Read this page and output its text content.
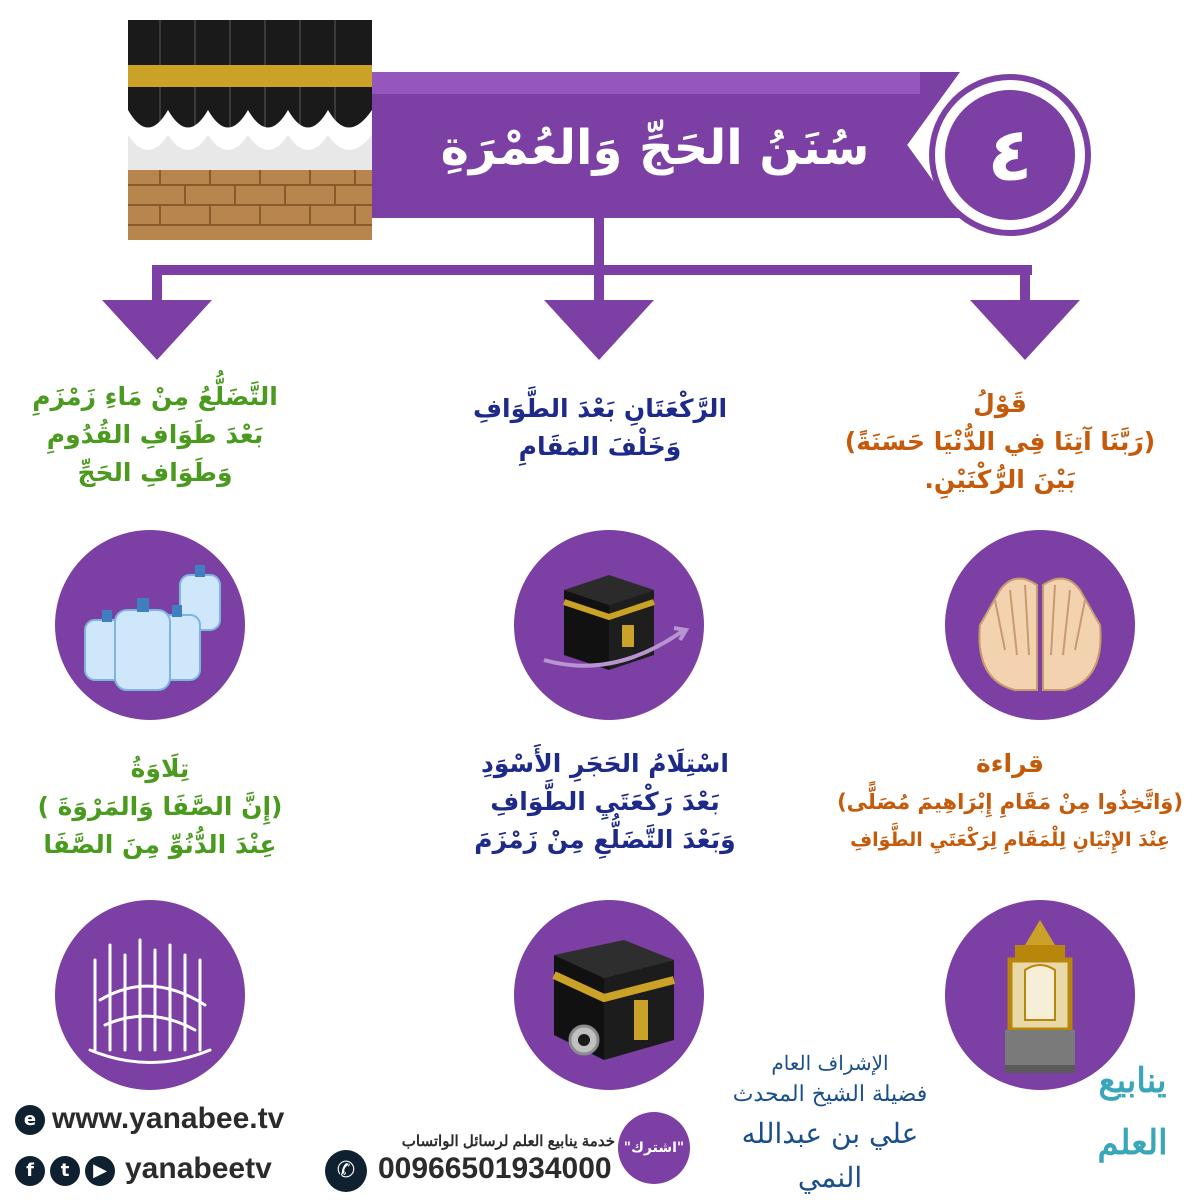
سُنَنُ الحَجِّ وَالعُمْرَةِ	٤
قَوْلُ
(رَبَّنَا آتِنَا فِي الدُّنْيَا حَسَنَةً)
بَيْنَ الرُّكْنَيْنِ.
الرَّكْعَتَانِ بَعْدَ الطَّوَافِ
وَخَلْفَ المَقَامِ
التَّضَلُّعُ مِنْ مَاءِ زَمْزَمِ
بَعْدَ طَوَافِ القُدُومِ
وَطَوَافِ الحَجِّ
قراءة
(وَاتَّخِذُوا مِنْ مَقَامِ إِبْرَاهِيمَ مُصَلًّى)
عِنْدَ الإِتْيَانِ لِلْمَقَامِ لِرَكْعَتَيِ الطَّوَافِ
اسْتِلَامُ الحَجَرِ الأَسْوَدِ
بَعْدَ رَكْعَتَيِ الطَّوَافِ
وَبَعْدَ التَّضَلُّعِ مِنْ زَمْزَمَ
تِلَاوَةُ
(إِنَّ الصَّفَا وَالمَرْوَةَ )
عِنْدَ الدُّنُوِّ مِنَ الصَّفَا
e www.yanabee.tv
f	t	▶ yanabeetv
"اشترك"
✆
خدمة ينابيع العلم لرسائل الواتساب
00966501934000
الإشراف العام
فضيلة الشيخ المحدث
علي بن عبدالله النمي
ينابيع العلم
